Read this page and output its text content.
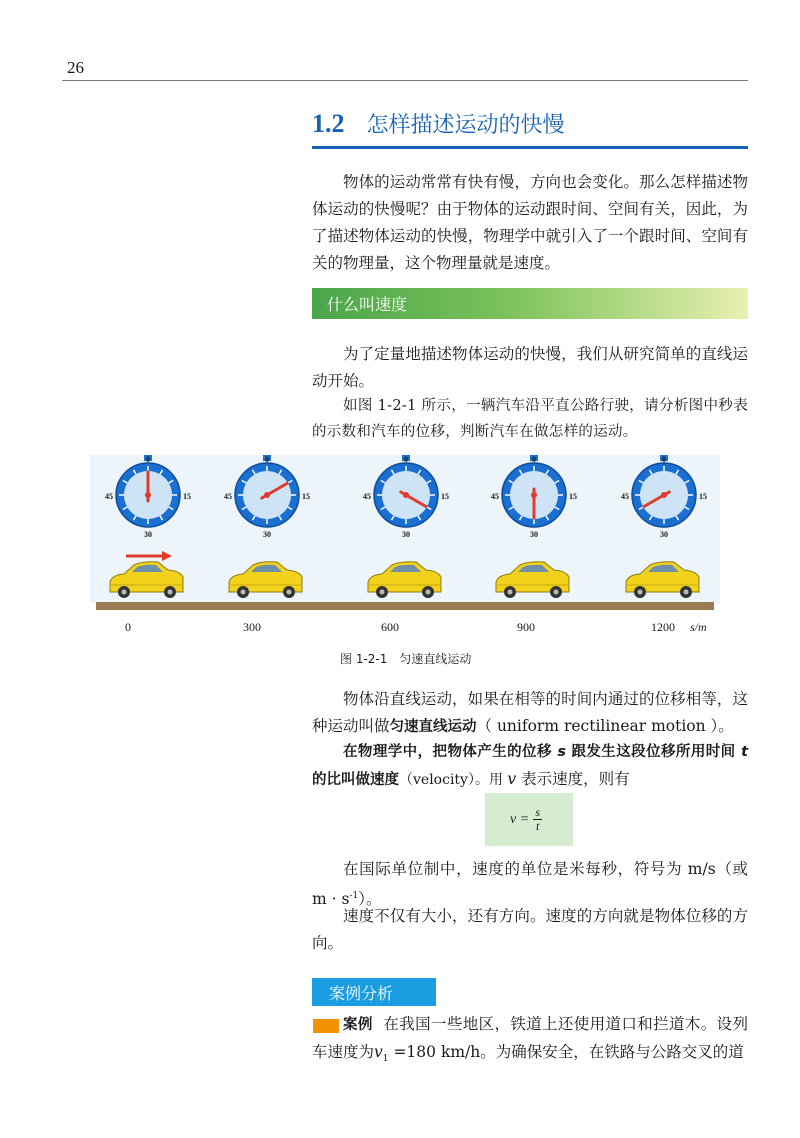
26
1.2 怎样描述运动的快慢
物体的运动常常有快有慢，方向也会变化。那么怎样描述物体运动的快慢呢？由于物体的运动跟时间、空间有关，因此，为了描述物体运动的快慢，物理学中就引入了一个跟时间、空间有关的物理量，这个物理量就是速度。
什么叫速度
为了定量地描述物体运动的快慢，我们从研究简单的直线运动开始。
如图 1-2-1 所示，一辆汽车沿平直公路行驶，请分析图中秒表的示数和汽车的位移，判断汽车在做怎样的运动。
0
15
30
45
0
15
30
45
0
15
30
45
0
15
30
45
0
15
30
45
0	300	600	900	1200 s/m
图 1-2-1 匀速直线运动
物体沿直线运动，如果在相等的时间内通过的位移相等，这种运动叫做匀速直线运动（ uniform rectilinear motion ）。
在物理学中，把物体产生的位移 s 跟发生这段位移所用时间 t 的比叫做速度（velocity）。用 v 表示速度，则有
$v = \frac{s}{t}$
在国际单位制中，速度的单位是米每秒，符号为 m/s（或 $m \cdot s^{-1}$）。
速度不仅有大小，还有方向。速度的方向就是物体位移的方向。
案例分析
案例 在我国一些地区，铁道上还使用道口和拦道木。设列车速度为$v_1 =180$ km/h。为确保安全，在铁路与公路交叉的道
